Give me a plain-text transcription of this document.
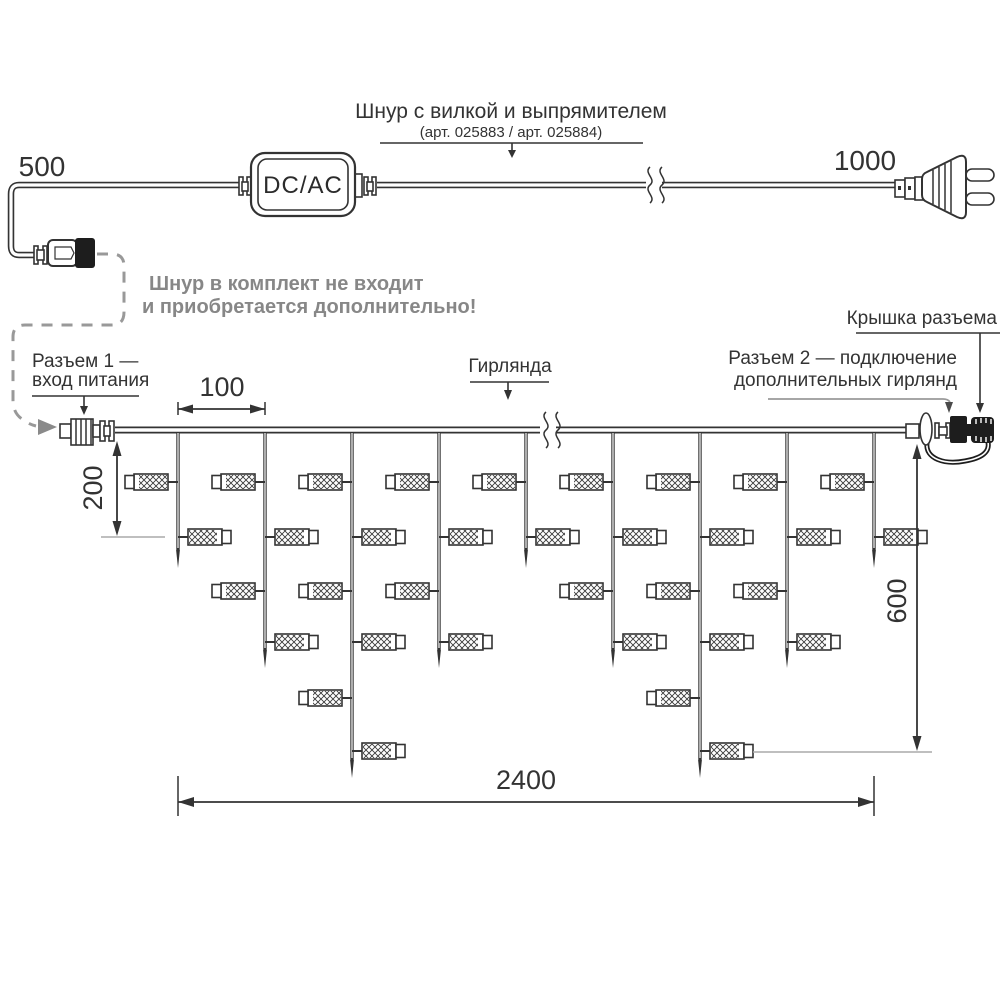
DC/AC
500	1000
Шнур с вилкой и выпрямителем
(арт. 025883 / арт. 025884)
Шнур в комплект не входит
и приобретается дополнительно!
Разъем 1 —
вход питания
Гирлянда
Крышка разъема
Разъем 2 — подключение
дополнительных гирлянд
100
200
600
2400
